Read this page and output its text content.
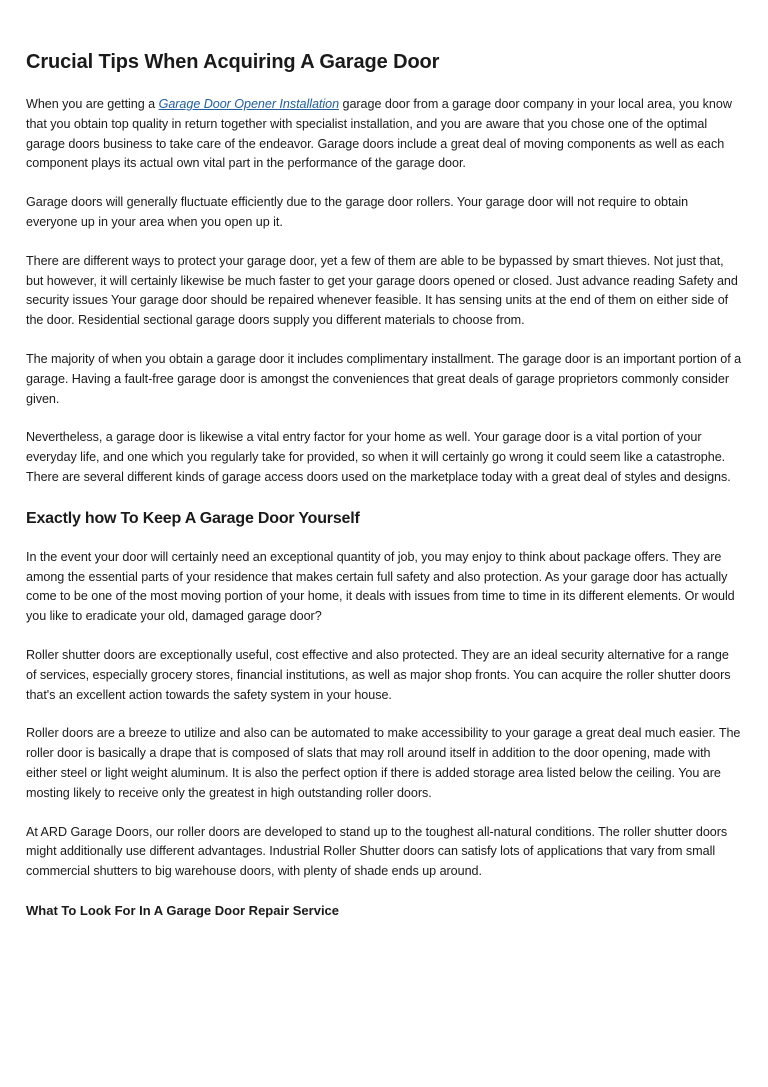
Crucial Tips When Acquiring A Garage Door

When you are getting a Garage Door Opener Installation garage door from a garage door company in your local area, you know that you obtain top quality in return together with specialist installation, and you are aware that you chose one of the optimal garage doors business to take care of the endeavor. Garage doors include a great deal of moving components as well as each component plays its actual own vital part in the performance of the garage door.

Garage doors will generally fluctuate efficiently due to the garage door rollers. Your garage door will not require to obtain everyone up in your area when you open up it.

There are different ways to protect your garage door, yet a few of them are able to be bypassed by smart thieves. Not just that, but however, it will certainly likewise be much faster to get your garage doors opened or closed. Just advance reading Safety and security issues Your garage door should be repaired whenever feasible. It has sensing units at the end of them on either side of the door. Residential sectional garage doors supply you different materials to choose from.

The majority of when you obtain a garage door it includes complimentary installment. The garage door is an important portion of a garage. Having a fault-free garage door is amongst the conveniences that great deals of garage proprietors commonly consider given.

Nevertheless, a garage door is likewise a vital entry factor for your home as well. Your garage door is a vital portion of your everyday life, and one which you regularly take for provided, so when it will certainly go wrong it could seem like a catastrophe. There are several different kinds of garage access doors used on the marketplace today with a great deal of styles and designs.

Exactly how To Keep A Garage Door Yourself

In the event your door will certainly need an exceptional quantity of job, you may enjoy to think about package offers. They are among the essential parts of your residence that makes certain full safety and also protection. As your garage door has actually come to be one of the most moving portion of your home, it deals with issues from time to time in its different elements. Or would you like to eradicate your old, damaged garage door?

Roller shutter doors are exceptionally useful, cost effective and also protected. They are an ideal security alternative for a range of services, especially grocery stores, financial institutions, as well as major shop fronts. You can acquire the roller shutter doors that's an excellent action towards the safety system in your house.

Roller doors are a breeze to utilize and also can be automated to make accessibility to your garage a great deal much easier. The roller door is basically a drape that is composed of slats that may roll around itself in addition to the door opening, made with either steel or light weight aluminum. It is also the perfect option if there is added storage area listed below the ceiling. You are mosting likely to receive only the greatest in high outstanding roller doors.

At ARD Garage Doors, our roller doors are developed to stand up to the toughest all-natural conditions. The roller shutter doors might additionally use different advantages. Industrial Roller Shutter doors can satisfy lots of applications that vary from small commercial shutters to big warehouse doors, with plenty of shade ends up around.

What To Look For In A Garage Door Repair Service
